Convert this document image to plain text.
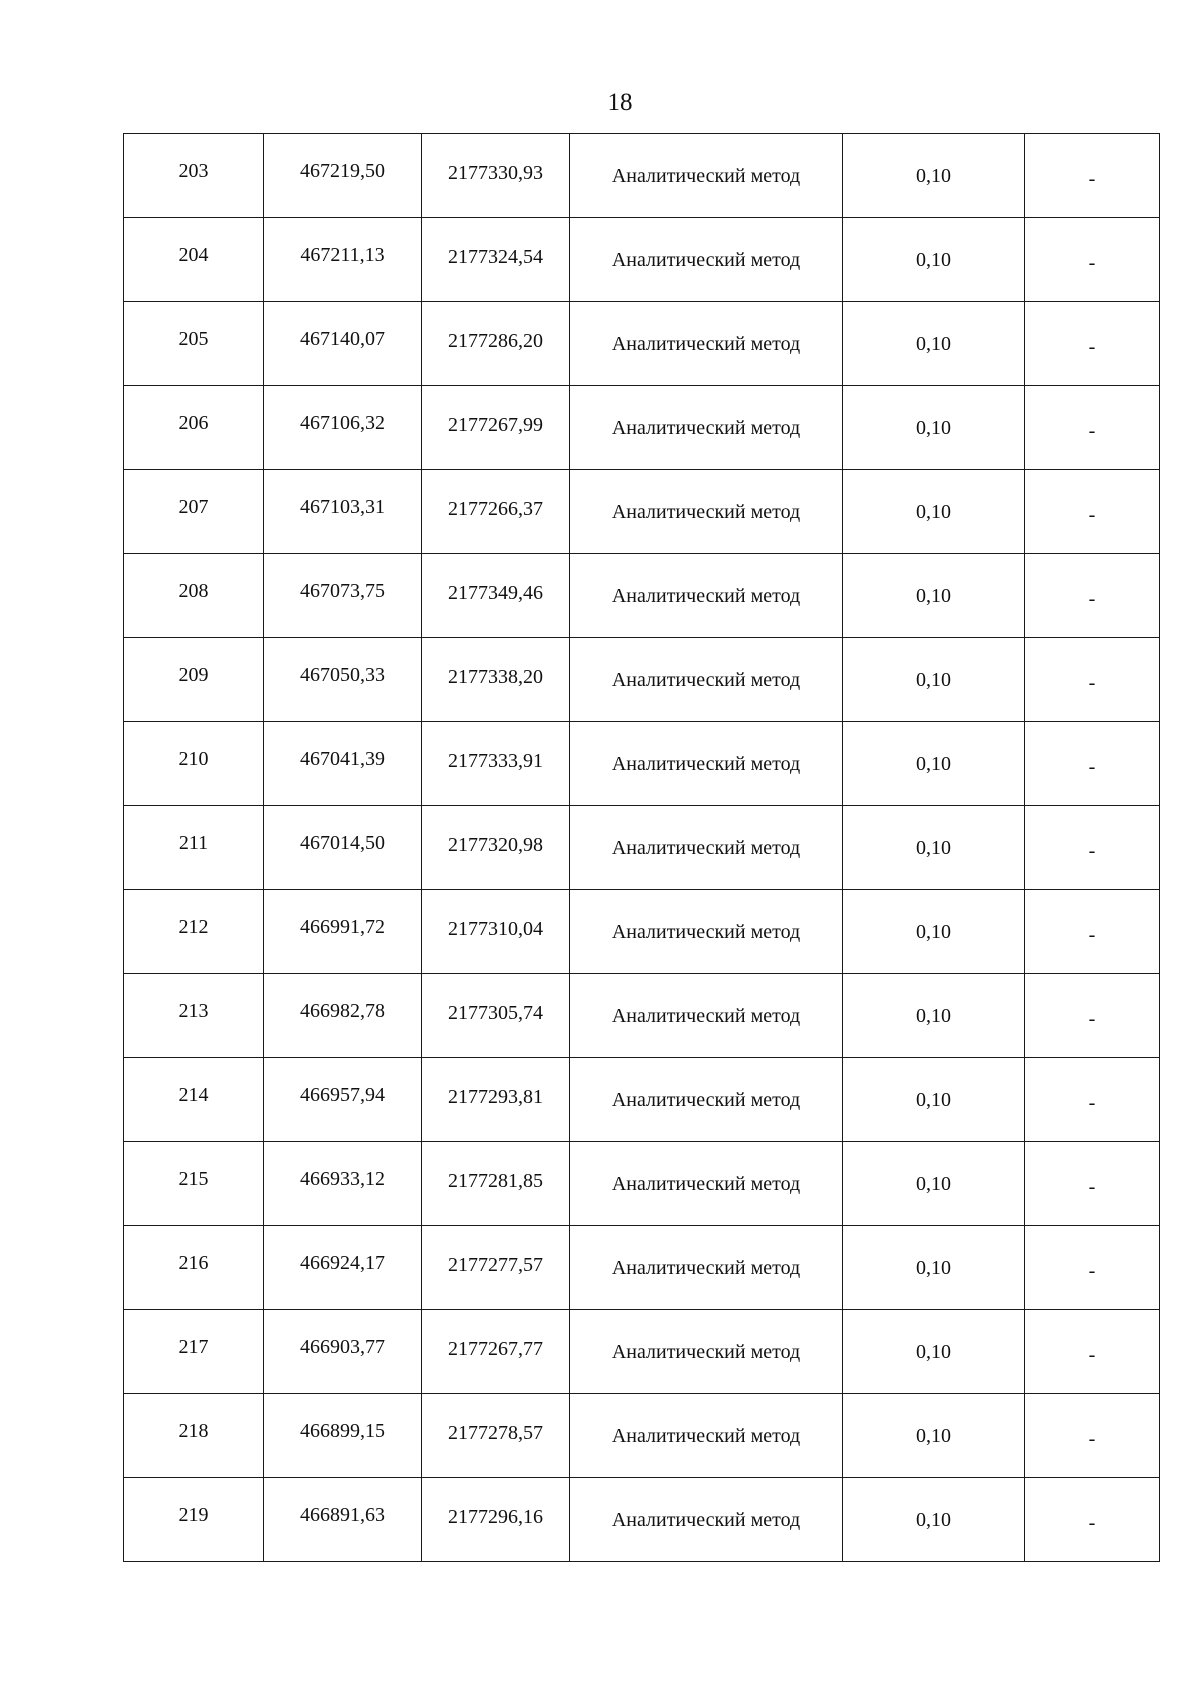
18
203	467219,50	2177330,93	Аналитический метод	0,10	-
204	467211,13	2177324,54	Аналитический метод	0,10	-
205	467140,07	2177286,20	Аналитический метод	0,10	-
206	467106,32	2177267,99	Аналитический метод	0,10	-
207	467103,31	2177266,37	Аналитический метод	0,10	-
208	467073,75	2177349,46	Аналитический метод	0,10	-
209	467050,33	2177338,20	Аналитический метод	0,10	-
210	467041,39	2177333,91	Аналитический метод	0,10	-
211	467014,50	2177320,98	Аналитический метод	0,10	-
212	466991,72	2177310,04	Аналитический метод	0,10	-
213	466982,78	2177305,74	Аналитический метод	0,10	-
214	466957,94	2177293,81	Аналитический метод	0,10	-
215	466933,12	2177281,85	Аналитический метод	0,10	-
216	466924,17	2177277,57	Аналитический метод	0,10	-
217	466903,77	2177267,77	Аналитический метод	0,10	-
218	466899,15	2177278,57	Аналитический метод	0,10	-
219	466891,63	2177296,16	Аналитический метод	0,10	-
